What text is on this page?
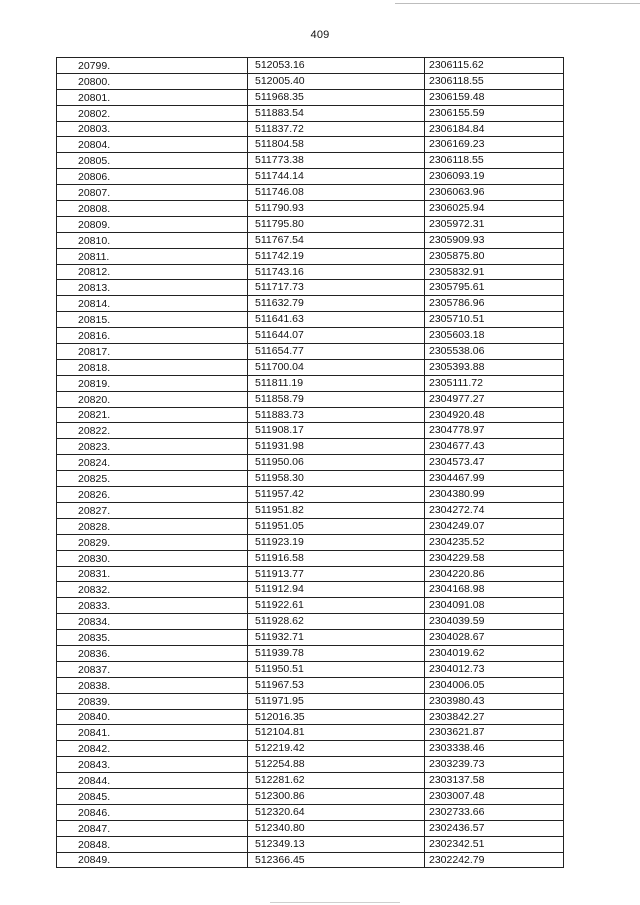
409
20799.	512053.16	2306115.62
20800.	512005.40	2306118.55
20801.	511968.35	2306159.48
20802.	511883.54	2306155.59
20803.	511837.72	2306184.84
20804.	511804.58	2306169.23
20805.	511773.38	2306118.55
20806.	511744.14	2306093.19
20807.	511746.08	2306063.96
20808.	511790.93	2306025.94
20809.	511795.80	2305972.31
20810.	511767.54	2305909.93
20811.	511742.19	2305875.80
20812.	511743.16	2305832.91
20813.	511717.73	2305795.61
20814.	511632.79	2305786.96
20815.	511641.63	2305710.51
20816.	511644.07	2305603.18
20817.	511654.77	2305538.06
20818.	511700.04	2305393.88
20819.	511811.19	2305111.72
20820.	511858.79	2304977.27
20821.	511883.73	2304920.48
20822.	511908.17	2304778.97
20823.	511931.98	2304677.43
20824.	511950.06	2304573.47
20825.	511958.30	2304467.99
20826.	511957.42	2304380.99
20827.	511951.82	2304272.74
20828.	511951.05	2304249.07
20829.	511923.19	2304235.52
20830.	511916.58	2304229.58
20831.	511913.77	2304220.86
20832.	511912.94	2304168.98
20833.	511922.61	2304091.08
20834.	511928.62	2304039.59
20835.	511932.71	2304028.67
20836.	511939.78	2304019.62
20837.	511950.51	2304012.73
20838.	511967.53	2304006.05
20839.	511971.95	2303980.43
20840.	512016.35	2303842.27
20841.	512104.81	2303621.87
20842.	512219.42	2303338.46
20843.	512254.88	2303239.73
20844.	512281.62	2303137.58
20845.	512300.86	2303007.48
20846.	512320.64	2302733.66
20847.	512340.80	2302436.57
20848.	512349.13	2302342.51
20849.	512366.45	2302242.79
